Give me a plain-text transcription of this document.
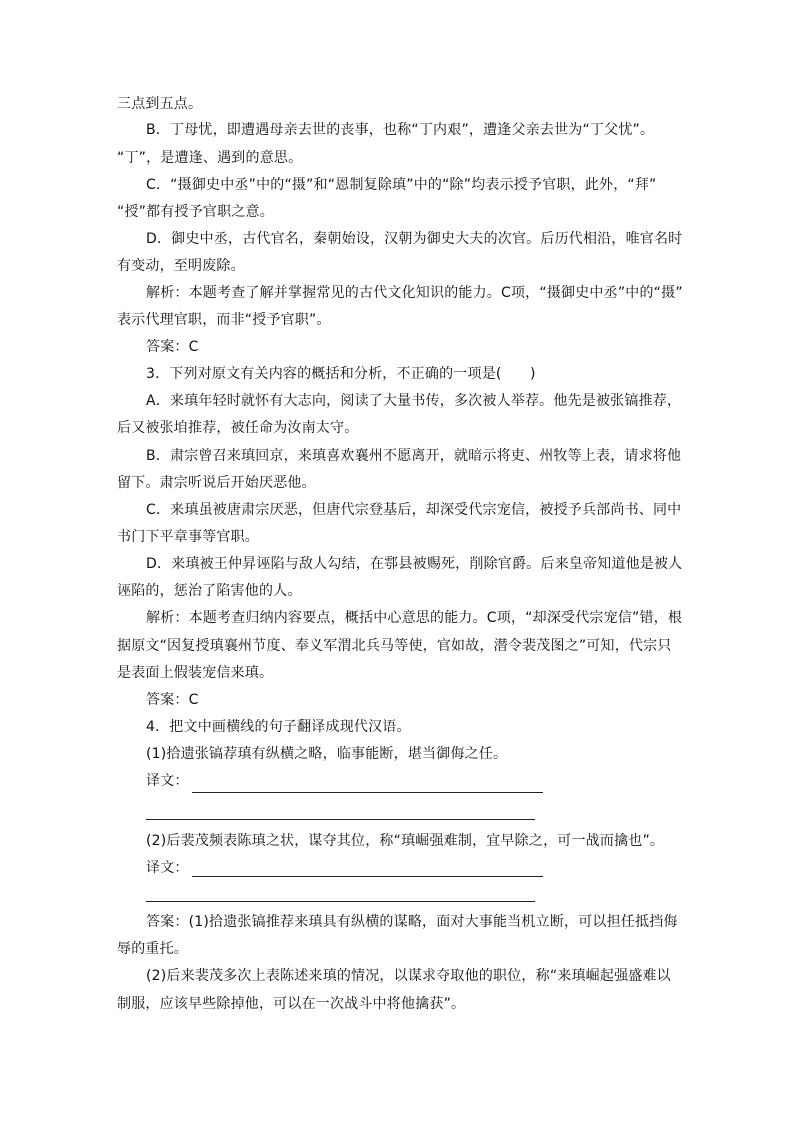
三点到五点。
B．丁母忧，即遭遇母亲去世的丧事，也称“丁内艰”，遭逢父亲去世为“丁父忧”。
“丁”，是遭逢、遇到的意思。
C．“摄御史中丞”中的“摄”和“恩制复除瑱”中的“除”均表示授予官职，此外，“拜”
“授”都有授予官职之意。
D．御史中丞，古代官名，秦朝始设，汉朝为御史大夫的次官。后历代相沿，唯官名时
有变动，至明废除。
解析：本题考查了解并掌握常见的古代文化知识的能力。C项，“摄御史中丞”中的“摄”
表示代理官职，而非“授予官职”。
答案：C
3．下列对原文有关内容的概括和分析，不正确的一项是(　　)
A．来瑱年轻时就怀有大志向，阅读了大量书传，多次被人举荐。他先是被张镐推荐，
后又被张垍推荐，被任命为汝南太守。
B．肃宗曾召来瑱回京，来瑱喜欢襄州不愿离开，就暗示将吏、州牧等上表，请求将他
留下。肃宗听说后开始厌恶他。
C．来瑱虽被唐肃宗厌恶，但唐代宗登基后，却深受代宗宠信，被授予兵部尚书、同中
书门下平章事等官职。
D．来瑱被王仲昇诬陷与敌人勾结，在鄠县被赐死，削除官爵。后来皇帝知道他是被人
诬陷的，惩治了陷害他的人。
解析：本题考查归纳内容要点，概括中心意思的能力。C项，“却深受代宗宠信”错，根
据原文“因复授瑱襄州节度、奉义军渭北兵马等使，官如故，潜令裴茂图之”可知，代宗只
是表面上假装宠信来瑱。
答案：C
4．把文中画横线的句子翻译成现代汉语。
(1)拾遗张镐荐瑱有纵横之略，临事能断，堪当御侮之任。
译文：
(2)后裴茂频表陈瑱之状，谋夺其位，称“瑱崛强难制，宜早除之，可一战而擒也”。
译文：
答案：(1)拾遗张镐推荐来瑱具有纵横的谋略，面对大事能当机立断，可以担任抵挡侮
辱的重托。
(2)后来裴茂多次上表陈述来瑱的情况，以谋求夺取他的职位，称“来瑱崛起强盛难以
制服，应该早些除掉他，可以在一次战斗中将他擒获”。
